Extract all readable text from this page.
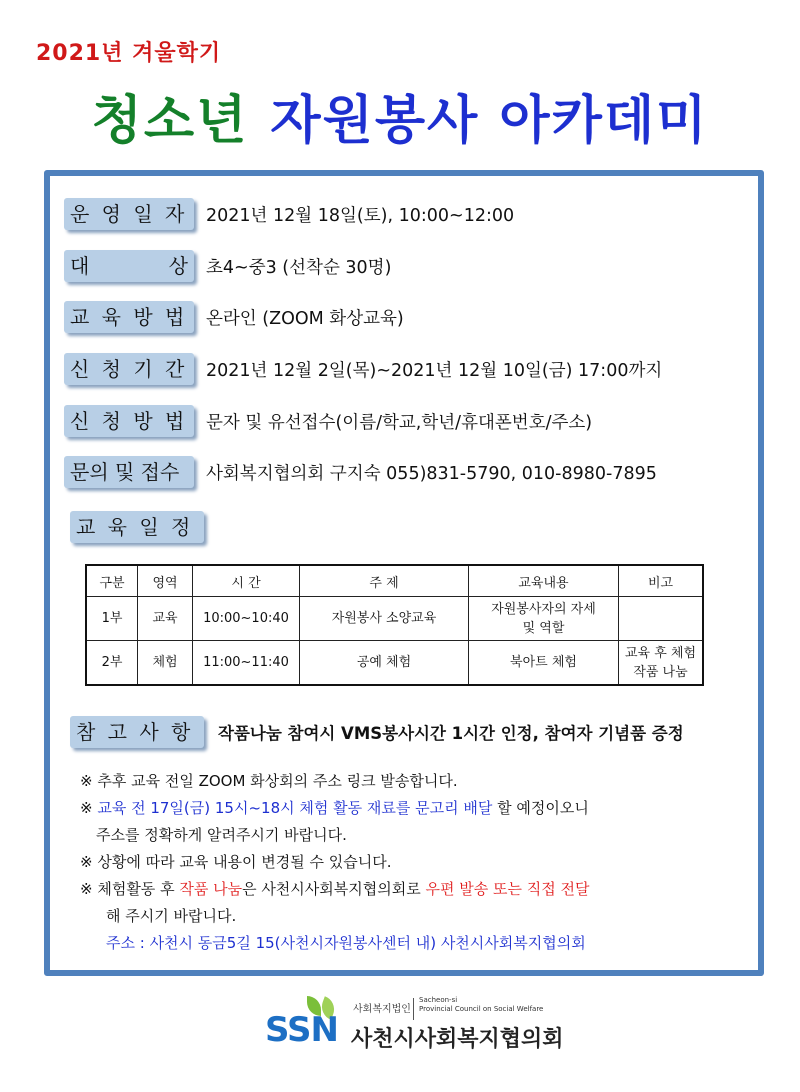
2021년 겨울학기
청소년 자원봉사 아카데미
운 영 일 자	2021년 12월 18일(토), 10:00~12:00
대	상 초4~중3 (선착순 30명)
교 육 방 법	온라인 (ZOOM 화상교육)
신 청 기 간	2021년 12월 2일(목)~2021년 12월 10일(금) 17:00까지
신 청 방 법	문자 및 유선접수(이름/학교,학년/휴대폰번호/주소)
문의 및 접수	사회복지협의회 구지숙 055)831-5790, 010-8980-7895
교 육 일 정
구분	영역	시 간	주 제	교육내용	비고
1부	교육	10:00~10:40	자원봉사 소양교육	자원봉사자의 자세
및 역할	
2부	체험	11:00~11:40	공예 체험	북아트 체험	교육 후 체험
작품 나눔
참 고 사 항	작품나눔 참여시 VMS봉사시간 1시간 인정, 참여자 기념품 증정
※ 추후 교육 전일 ZOOM 화상회의 주소 링크 발송합니다.
※ 교육 전 17일(금) 15시~18시 체험 활동 재료를 문고리 배달 할 예정이오니
주소를 정확하게 알려주시기 바랍니다.
※ 상황에 따라 교육 내용이 변경될 수 있습니다.
※ 체험활동 후 작품 나눔은 사천시사회복지협의회로 우편 발송 또는 직접 전달
해 주시기 바랍니다.
주소 : 사천시 동금5길 15(사천시자원봉사센터 내) 사천시사회복지협의회
SSN
사회복지법인
Sacheon-si
Provincial Council on Social Welfare
사천시사회복지협의회
